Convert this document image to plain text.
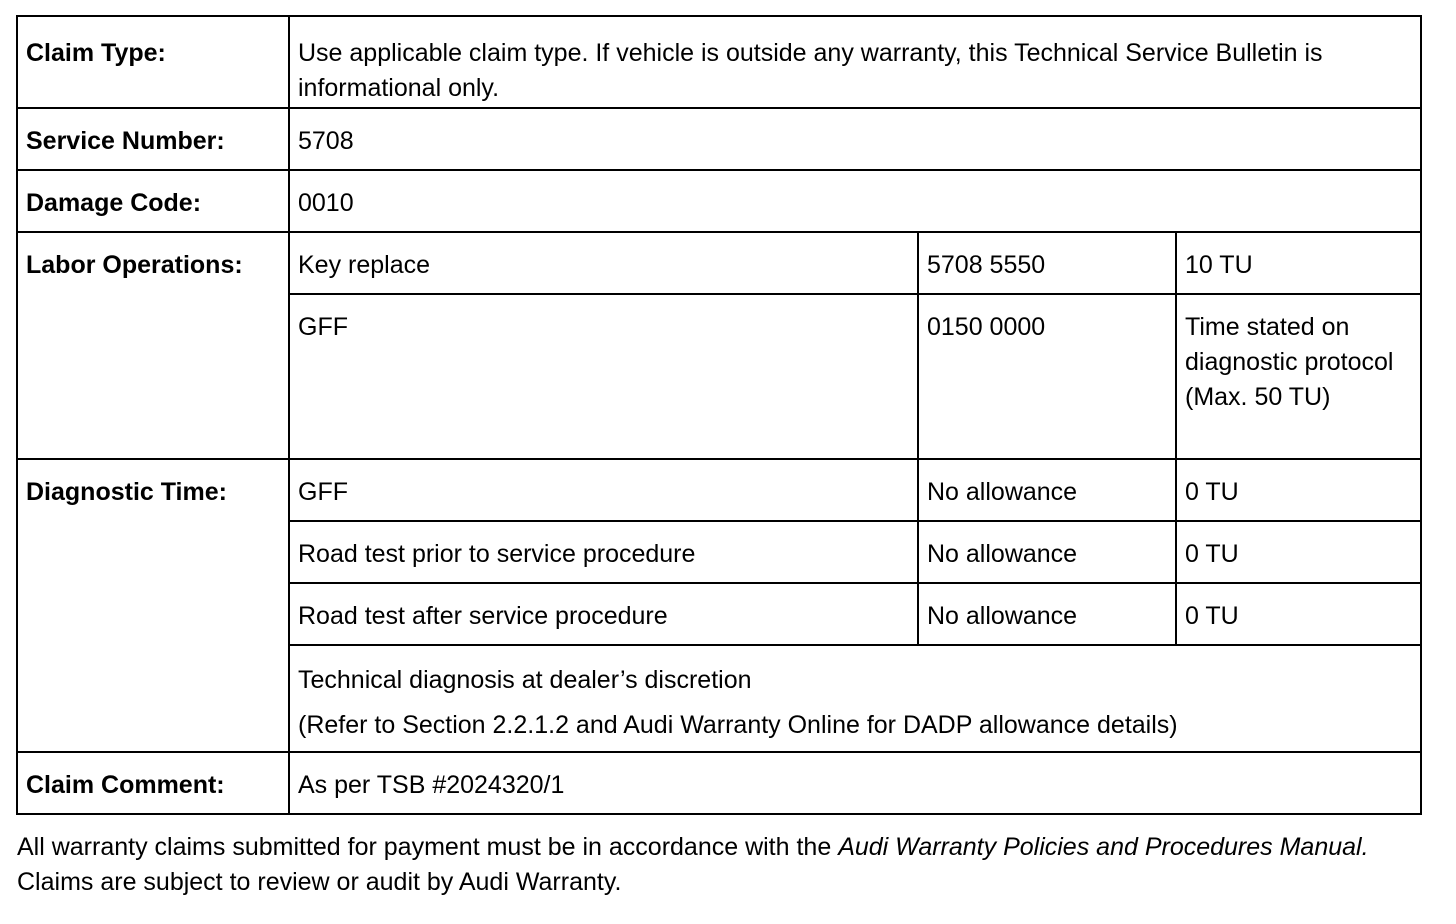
Claim Type:	Use applicable claim type. If vehicle is outside any warranty, this Technical Service Bulletin is informational only.		
Service Number:	5708		
Damage Code:	0010		
Labor Operations:	Key replace	5708 5550	10 TU
	GFF	0150 0000	Time stated on diagnostic protocol (Max. 50 TU)
Diagnostic Time:	GFF	No allowance	0 TU
	Road test prior to service procedure	No allowance	0 TU
	Road test after service procedure	No allowance	0 TU
	Technical diagnosis at dealer’s discretion
(Refer to Section 2.2.1.2 and Audi Warranty Online for DADP allowance details)		

Claim Comment:	As per TSB #2024320/1		
All warranty claims submitted for payment must be in accordance with the Audi Warranty Policies and Procedures Manual. Claims are subject to review or audit by Audi Warranty.
